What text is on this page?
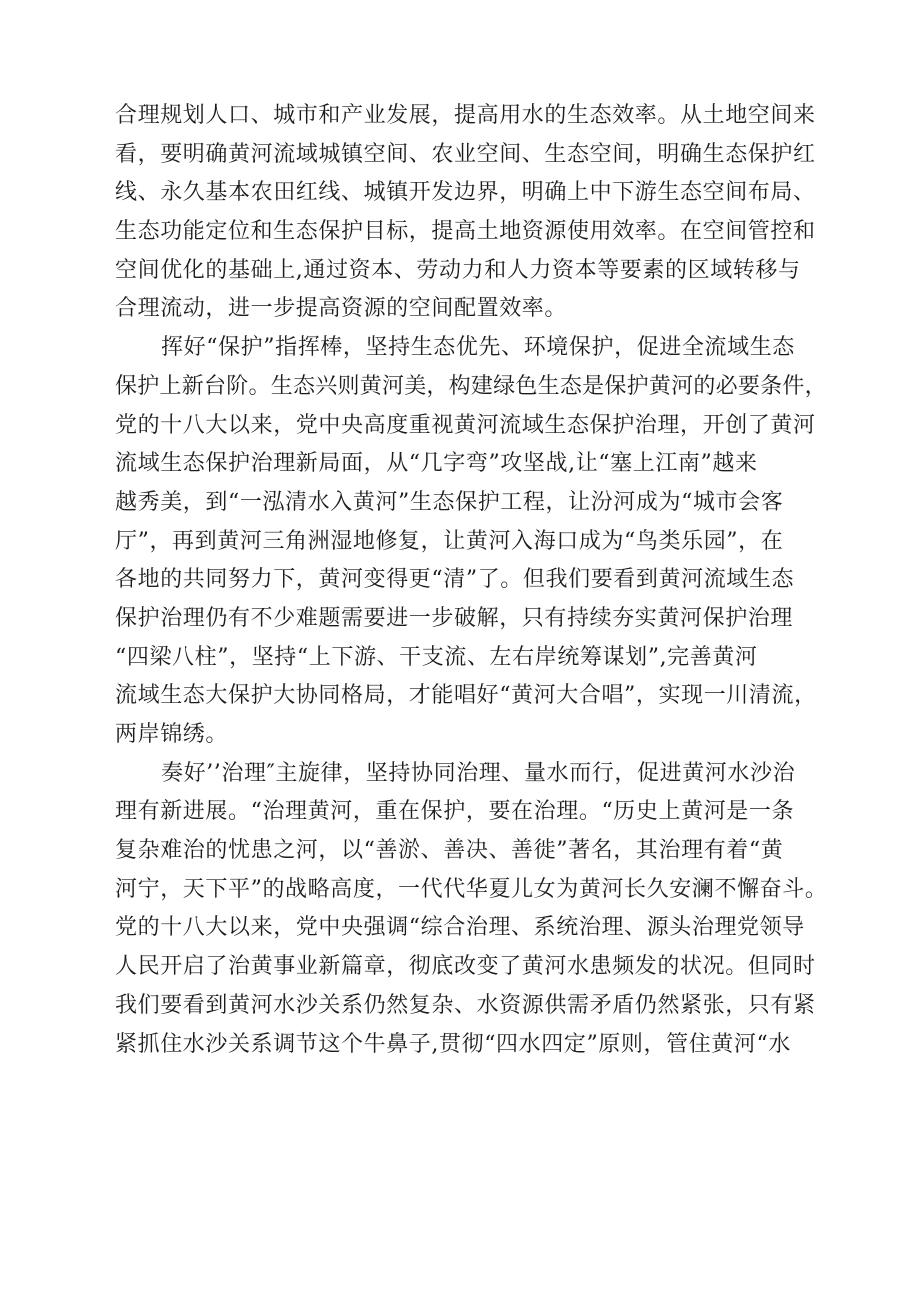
合理规划人口、城市和产业发展，提高用水的生态效率。从土地空间来
看，要明确黄河流域城镇空间、农业空间、生态空间，明确生态保护红
线、永久基本农田红线、城镇开发边界，明确上中下游生态空间布局、
生态功能定位和生态保护目标，提高土地资源使用效率。在空间管控和
空间优化的基础上,通过资本、劳动力和人力资本等要素的区域转移与
合理流动，进一步提高资源的空间配置效率。
挥好“保护”指挥棒，坚持生态优先、环境保护，促进全流域生态
保护上新台阶。生态兴则黄河美，构建绿色生态是保护黄河的必要条件，
党的十八大以来，党中央高度重视黄河流域生态保护治理，开创了黄河
流域生态保护治理新局面，从“几字弯”攻坚战,让“塞上江南”越来
越秀美，到“一泓清水入黄河”生态保护工程，让汾河成为“城市会客
厅”，再到黄河三角洲湿地修复，让黄河入海口成为“鸟类乐园”，在
各地的共同努力下，黄河变得更“清”了。但我们要看到黄河流域生态
保护治理仍有不少难题需要进一步破解，只有持续夯实黄河保护治理
“四梁八柱”，坚持“上下游、干支流、左右岸统筹谋划”,完善黄河
流域生态大保护大协同格局，才能唱好“黄河大合唱”，实现一川清流，
两岸锦绣。
奏好’’治理″主旋律，坚持协同治理、量水而行，促进黄河水沙治
理有新进展。“治理黄河，重在保护，要在治理。“历史上黄河是一条
复杂难治的忧患之河，以“善淤、善决、善徙”著名，其治理有着“黄
河宁，天下平”的战略高度，一代代华夏儿女为黄河长久安澜不懈奋斗。
党的十八大以来，党中央强调“综合治理、系统治理、源头治理党领导
人民开启了治黄事业新篇章，彻底改变了黄河水患频发的状况。但同时
我们要看到黄河水沙关系仍然复杂、水资源供需矛盾仍然紧张，只有紧
紧抓住水沙关系调节这个牛鼻子,贯彻“四水四定”原则，管住黄河“水
